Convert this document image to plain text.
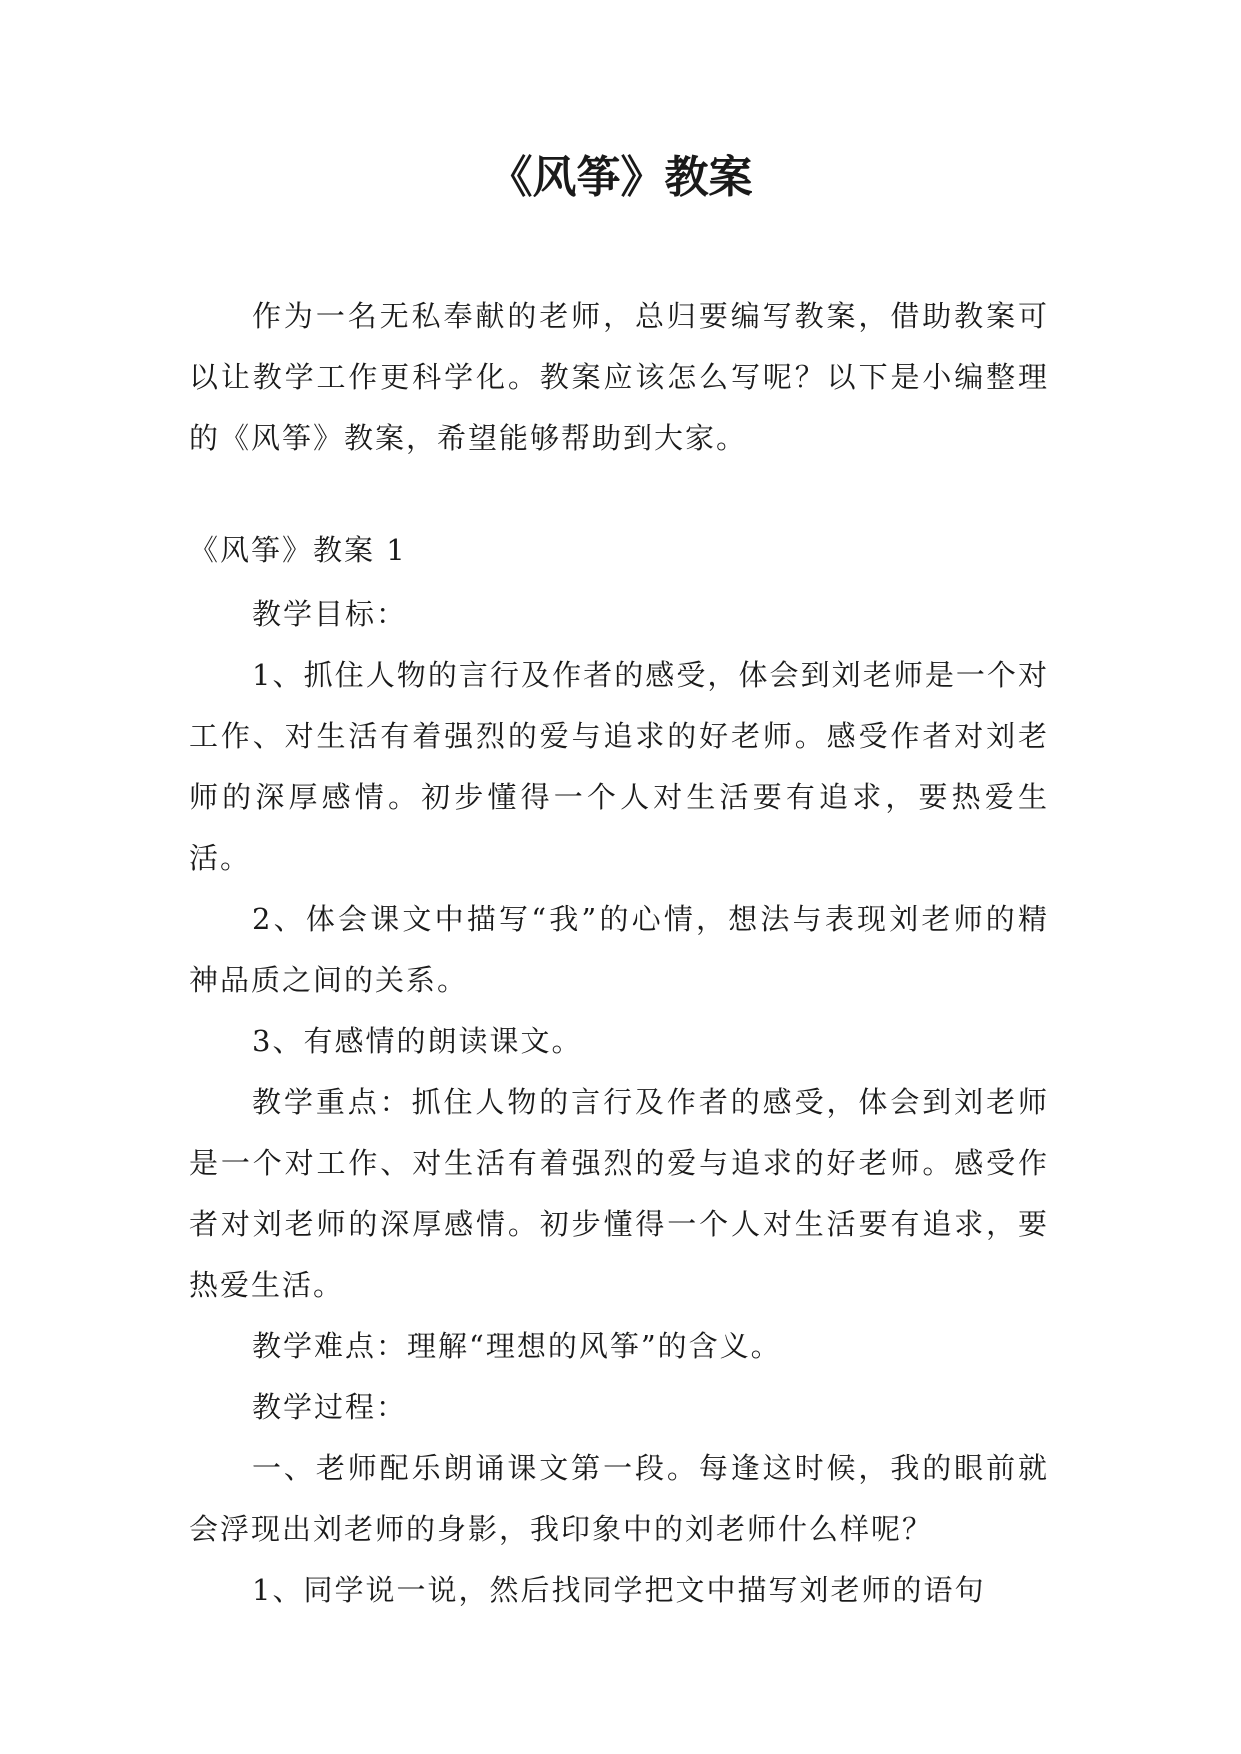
《风筝》教案

作为一名无私奉献的老师，总归要编写教案，借助教案可以让教学工作更科学化。教案应该怎么写呢？以下是小编整理的《风筝》教案，希望能够帮助到大家。

《风筝》教案 1

教学目标：

1、抓住人物的言行及作者的感受，体会到刘老师是一个对工作、对生活有着强烈的爱与追求的好老师。感受作者对刘老师的深厚感情。初步懂得一个人对生活要有追求，要热爱生活。

2、体会课文中描写“我”的心情，想法与表现刘老师的精神品质之间的关系。

3、有感情的朗读课文。

教学重点：抓住人物的言行及作者的感受，体会到刘老师是一个对工作、对生活有着强烈的爱与追求的好老师。感受作者对刘老师的深厚感情。初步懂得一个人对生活要有追求，要热爱生活。

教学难点：理解“理想的风筝”的含义。

教学过程：

一、老师配乐朗诵课文第一段。每逢这时候，我的眼前就会浮现出刘老师的身影，我印象中的刘老师什么样呢？

1、同学说一说，然后找同学把文中描写刘老师的语句
